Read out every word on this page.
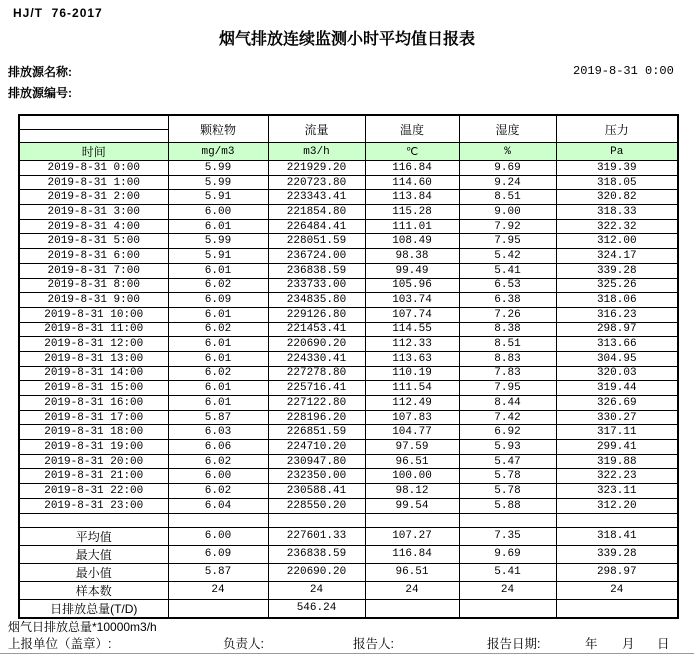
HJ/T  76-2017
烟气排放连续监测小时平均值日报表
排放源名称:	2019-8-31 0:00
排放源编号:
	颗粒物	流量	温度	湿度	压力

时间	mg/m3	m3/h	℃	%	Pa
2019-8-31 0:00	5.99	221929.20	116.84	9.69	319.39
2019-8-31 1:00	5.99	220723.80	114.60	9.24	318.05
2019-8-31 2:00	5.91	223343.41	113.84	8.51	320.82
2019-8-31 3:00	6.00	221854.80	115.28	9.00	318.33
2019-8-31 4:00	6.01	226484.41	111.01	7.92	322.32
2019-8-31 5:00	5.99	228051.59	108.49	7.95	312.00
2019-8-31 6:00	5.91	236724.00	98.38	5.42	324.17
2019-8-31 7:00	6.01	236838.59	99.49	5.41	339.28
2019-8-31 8:00	6.02	233733.00	105.96	6.53	325.26
2019-8-31 9:00	6.09	234835.80	103.74	6.38	318.06
2019-8-31 10:00	6.01	229126.80	107.74	7.26	316.23
2019-8-31 11:00	6.02	221453.41	114.55	8.38	298.97
2019-8-31 12:00	6.01	220690.20	112.33	8.51	313.66
2019-8-31 13:00	6.01	224330.41	113.63	8.83	304.95
2019-8-31 14:00	6.02	227278.80	110.19	7.83	320.03
2019-8-31 15:00	6.01	225716.41	111.54	7.95	319.44
2019-8-31 16:00	6.01	227122.80	112.49	8.44	326.69
2019-8-31 17:00	5.87	228196.20	107.83	7.42	330.27
2019-8-31 18:00	6.03	226851.59	104.77	6.92	317.11
2019-8-31 19:00	6.06	224710.20	97.59	5.93	299.41
2019-8-31 20:00	6.02	230947.80	96.51	5.47	319.88
2019-8-31 21:00	6.00	232350.00	100.00	5.78	322.23
2019-8-31 22:00	6.02	230588.41	98.12	5.78	323.11
2019-8-31 23:00	6.04	228550.20	99.54	5.88	312.20

平均值	6.00	227601.33	107.27	7.35	318.41
最大值	6.09	236838.59	116.84	9.69	339.28
最小值	5.87	220690.20	96.51	5.41	298.97
样本数	24	24	24	24	24
日排放总量(T/D)		546.24			
烟气日排放总量*10000m3/h
上报单位（盖章）:	负责人:	报告人:	报告日期:	年 月 日
